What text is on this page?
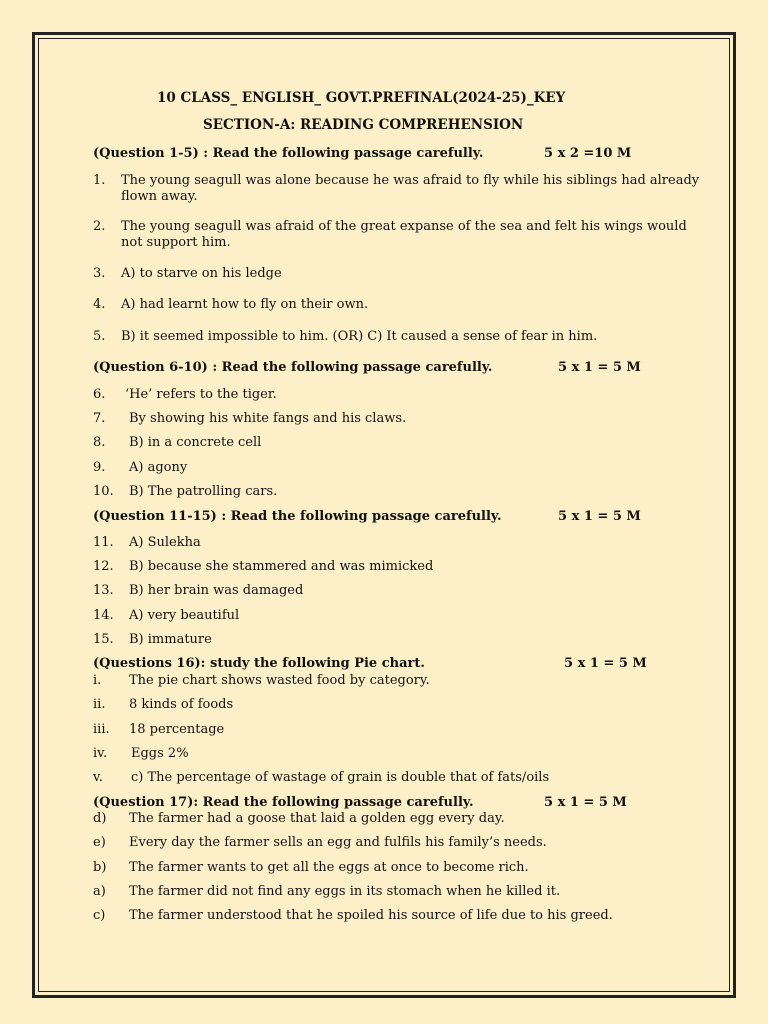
10 CLASS_ ENGLISH_ GOVT.PREFINAL(2024-25)_KEY
SECTION-A: READING COMPREHENSION
(Question 1-5) : Read the following passage carefully.	5 x 2 =10 M
1. The young seagull was alone because he was afraid to fly while his siblings had already flown away.
2. The young seagull was afraid of the great expanse of the sea and felt his wings would not support him.
3. A) to starve on his ledge
4. A) had learnt how to fly on their own.
5. B) it seemed impossible to him. (OR) C) It caused a sense of fear in him.
(Question 6-10) : Read the following passage carefully.	5 x 1 = 5 M
6. ‘He’ refers to the tiger.
7. By showing his white fangs and his claws.
8. B) in a concrete cell
9. A) agony
10. B) The patrolling cars.
(Question 11-15) : Read the following passage carefully.	5 x 1 = 5 M
11. A) Sulekha
12. B) because she stammered and was mimicked
13. B) her brain was damaged
14. A) very beautiful
15. B) immature
(Questions 16): study the following Pie chart.	5 x 1 = 5 M
i. The pie chart shows wasted food by category.
ii. 8 kinds of foods
iii. 18 percentage
iv. Eggs 2%
v. c) The percentage of wastage of grain is double that of fats/oils
(Question 17): Read the following passage carefully.	5 x 1 = 5 M
d) The farmer had a goose that laid a golden egg every day.
e) Every day the farmer sells an egg and fulfils his family’s needs.
b) The farmer wants to get all the eggs at once to become rich.
a) The farmer did not find any eggs in its stomach when he killed it.
c) The farmer understood that he spoiled his source of life due to his greed.
